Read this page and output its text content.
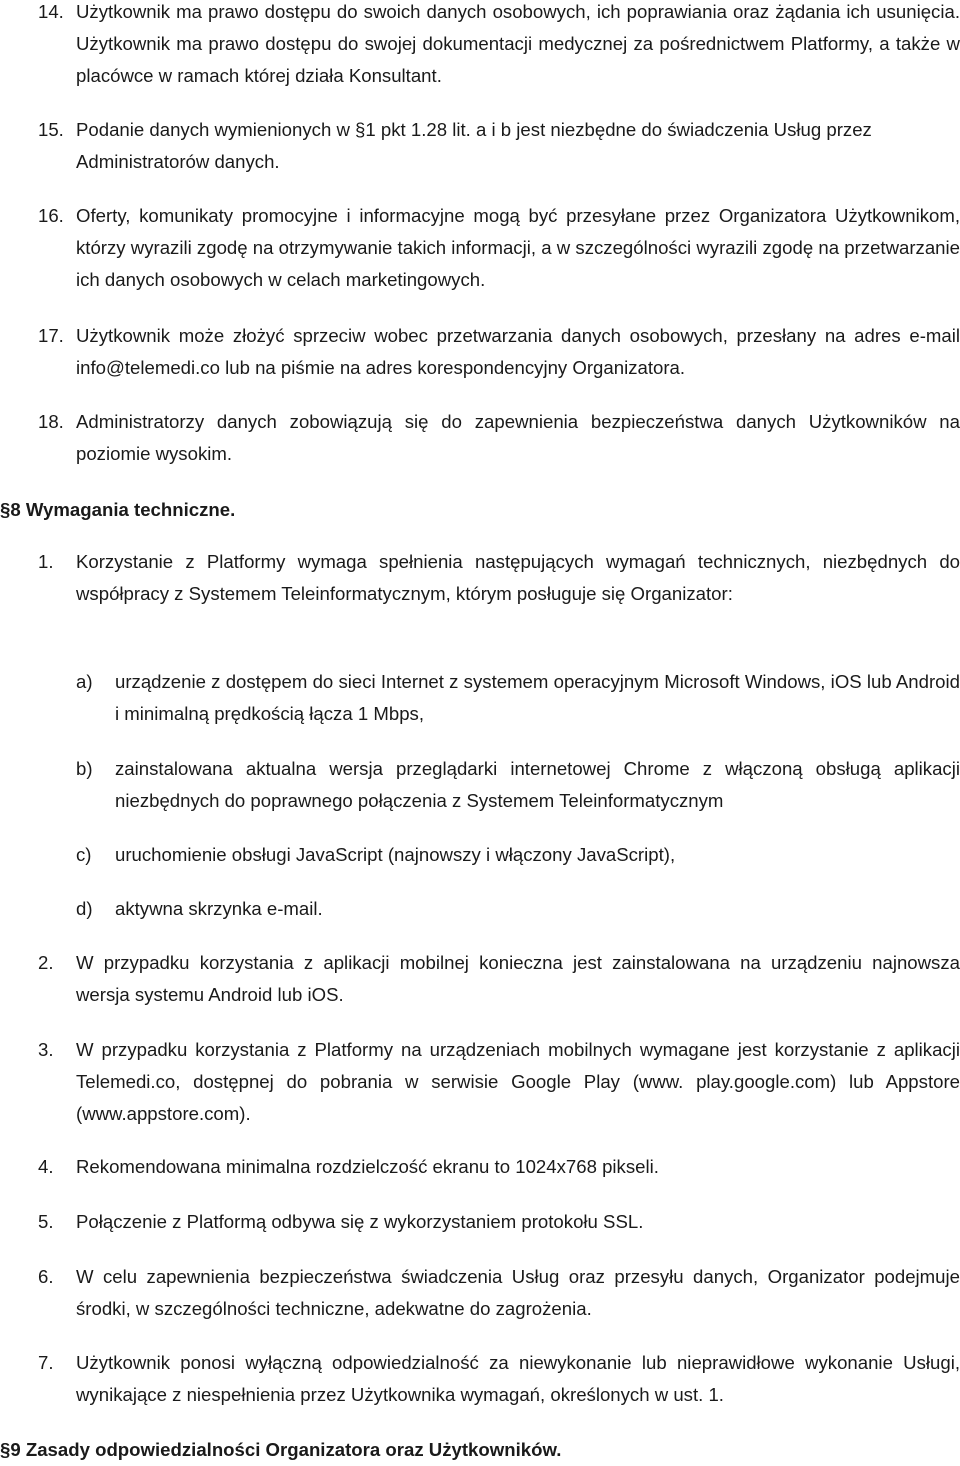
14. Użytkownik ma prawo dostępu do swoich danych osobowych, ich poprawiania oraz żądania ich usunięcia. Użytkownik ma prawo dostępu do swojej dokumentacji medycznej za pośrednictwem Platformy, a także w placówce w ramach której działa Konsultant.
15. Podanie danych wymienionych w §1 pkt 1.28 lit. a i b jest niezbędne do świadczenia Usług przez Administratorów danych.
16. Oferty, komunikaty promocyjne i informacyjne mogą być przesyłane przez Organizatora Użytkownikom, którzy wyrazili zgodę na otrzymywanie takich informacji, a w szczególności wyrazili zgodę na przetwarzanie ich danych osobowych w celach marketingowych.
17. Użytkownik może złożyć sprzeciw wobec przetwarzania danych osobowych, przesłany na adres e-mail info@telemedi.co lub na piśmie na adres korespondencyjny Organizatora.
18. Administratorzy danych zobowiązują się do zapewnienia bezpieczeństwa danych Użytkowników na poziomie wysokim.
§8 Wymagania techniczne.
1. Korzystanie z Platformy wymaga spełnienia następujących wymagań technicznych, niezbędnych do współpracy z Systemem Teleinformatycznym, którym posługuje się Organizator:
a) urządzenie z dostępem do sieci Internet z systemem operacyjnym Microsoft Windows, iOS lub Android i minimalną prędkością łącza 1 Mbps,
b) zainstalowana aktualna wersja przeglądarki internetowej Chrome z włączoną obsługą aplikacji niezbędnych do poprawnego połączenia z Systemem Teleinformatycznym
c) uruchomienie obsługi JavaScript (najnowszy i włączony JavaScript),
d) aktywna skrzynka e-mail.
2. W przypadku korzystania z aplikacji mobilnej konieczna jest zainstalowana na urządzeniu najnowsza wersja systemu Android lub iOS.
3. W przypadku korzystania z Platformy na urządzeniach mobilnych wymagane jest korzystanie z aplikacji Telemedi.co, dostępnej do pobrania w serwisie Google Play (www. play.google.com) lub Appstore (www.appstore.com).
4. Rekomendowana minimalna rozdzielczość ekranu to 1024x768 pikseli.
5. Połączenie z Platformą odbywa się z wykorzystaniem protokołu SSL.
6. W celu zapewnienia bezpieczeństwa świadczenia Usług oraz przesyłu danych, Organizator podejmuje środki, w szczególności techniczne, adekwatne do zagrożenia.
7. Użytkownik ponosi wyłączną odpowiedzialność za niewykonanie lub nieprawidłowe wykonanie Usługi, wynikające z niespełnienia przez Użytkownika wymagań, określonych w ust. 1.
§9 Zasady odpowiedzialności Organizatora oraz Użytkowników.
